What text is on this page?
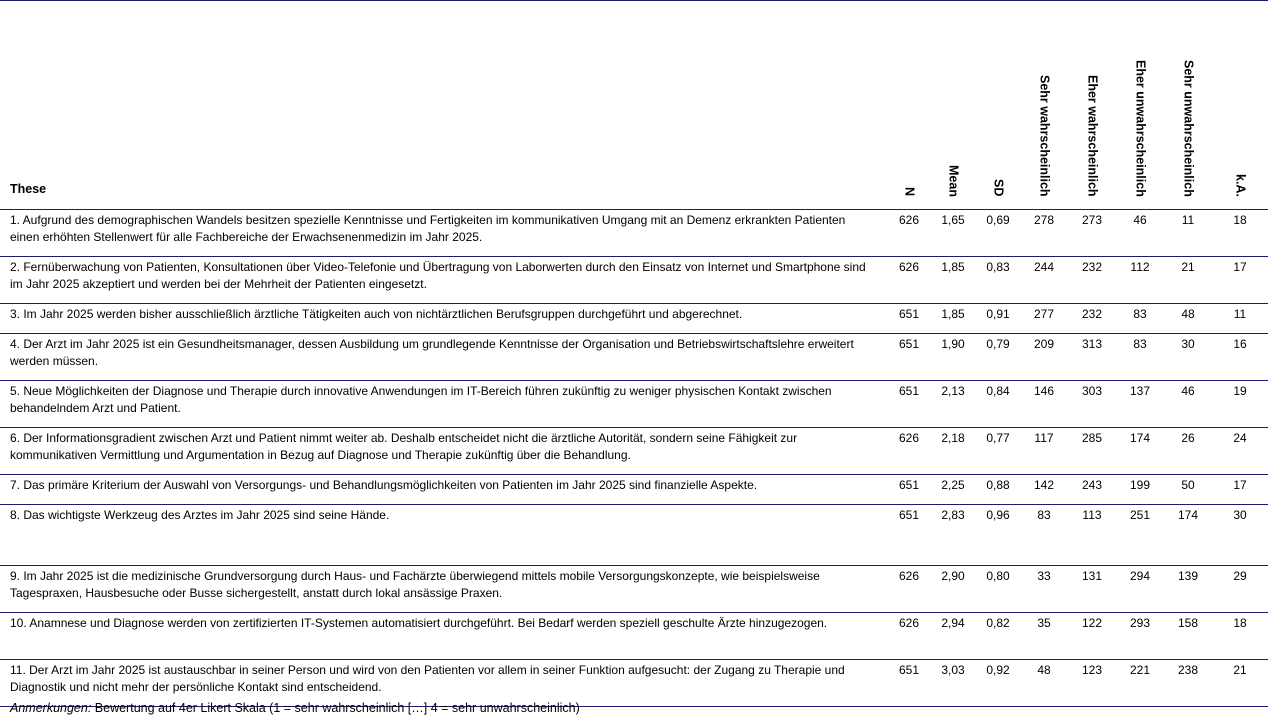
These	N	Mean	SD	Sehr wahrscheinlich	Eher wahrscheinlich	Eher unwahrscheinlich	Sehr unwahrscheinlich	k.A.
1. Aufgrund des demographischen Wandels besitzen spezielle Kenntnisse und Fertigkeiten im kommunikativen Umgang mit an Demenz erkrankten Patienten einen erhöhten Stellenwert für alle Fachbereiche der Erwachsenenmedizin im Jahr 2025.	626	1,65	0,69	278	273	46	11	18
2. Fernüberwachung von Patienten, Konsultationen über Video-Telefonie und Übertragung von Laborwerten durch den Einsatz von Internet und Smartphone sind im Jahr 2025 akzeptiert und werden bei der Mehrheit der Patienten eingesetzt.	626	1,85	0,83	244	232	112	21	17
3. Im Jahr 2025 werden bisher ausschließlich ärztliche Tätigkeiten auch von nichtärztlichen Berufsgruppen durchgeführt und abgerechnet.	651	1,85	0,91	277	232	83	48	11
4. Der Arzt im Jahr 2025 ist ein Gesundheitsmanager, dessen Ausbildung um grundlegende Kenntnisse der Organisation und Betriebswirtschaftslehre erweitert werden müssen.	651	1,90	0,79	209	313	83	30	16
5. Neue Möglichkeiten der Diagnose und Therapie durch innovative Anwendungen im IT-Bereich führen zukünftig zu weniger physischen Kontakt zwischen behandelndem Arzt und Patient.	651	2,13	0,84	146	303	137	46	19
6. Der Informationsgradient zwischen Arzt und Patient nimmt weiter ab. Deshalb entscheidet nicht die ärztliche Autorität, sondern seine Fähigkeit zur kommunikativen Vermittlung und Argumentation in Bezug auf Diagnose und Therapie zukünftig über die Behandlung.	626	2,18	0,77	117	285	174	26	24
7. Das primäre Kriterium der Auswahl von Versorgungs- und Behandlungsmöglichkeiten von Patienten im Jahr 2025 sind finanzielle Aspekte.	651	2,25	0,88	142	243	199	50	17
8. Das wichtigste Werkzeug des Arztes im Jahr 2025 sind seine Hände.	651	2,83	0,96	83	113	251	174	30
9. Im Jahr 2025 ist die medizinische Grundversorgung durch Haus- und Fachärzte überwiegend mittels mobile Versorgungskonzepte, wie beispielsweise Tagespraxen, Hausbesuche oder Busse sichergestellt, anstatt durch lokal ansässige Praxen.	626	2,90	0,80	33	131	294	139	29
10. Anamnese und Diagnose werden von zertifizierten IT-Systemen automatisiert durchgeführt. Bei Bedarf werden speziell geschulte Ärzte hinzugezogen.	626	2,94	0,82	35	122	293	158	18
11. Der Arzt im Jahr 2025 ist austauschbar in seiner Person und wird von den Patienten vor allem in seiner Funktion aufgesucht: der Zugang zu Therapie und Diagnostik und nicht mehr der persönliche Kontakt sind entscheidend.	651	3,03	0,92	48	123	221	238	21
Anmerkungen: Bewertung auf 4er Likert Skala (1 = sehr wahrscheinlich […] 4 = sehr unwahrscheinlich)
